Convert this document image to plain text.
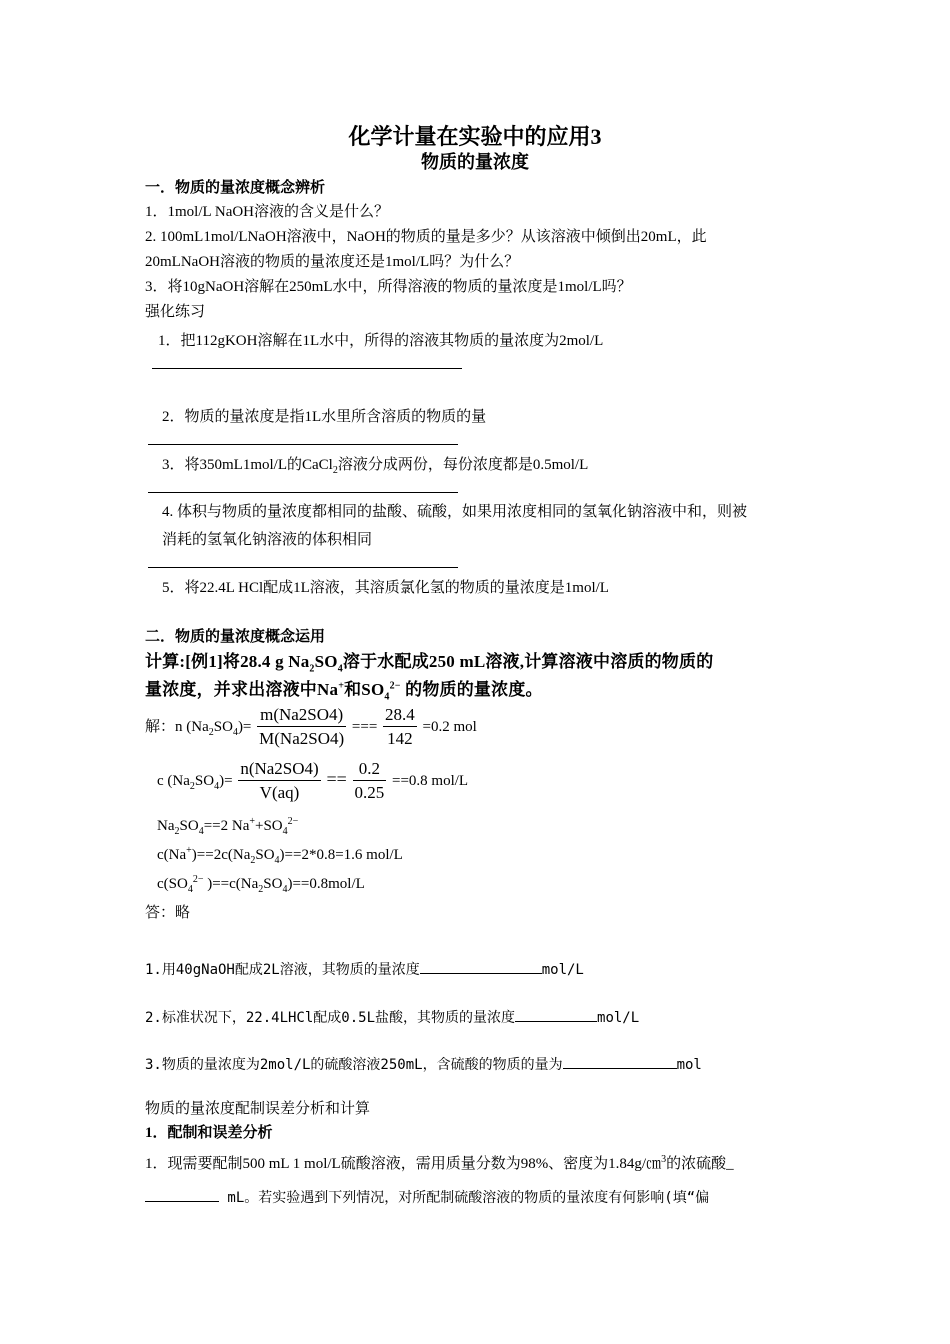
化学计量在实验中的应用3
物质的量浓度
一．物质的量浓度概念辨析
1．1mol/L NaOH溶液的含义是什么？
2. 100mL1mol/LNaOH溶液中，NaOH的物质的量是多少？从该溶液中倾倒出20mL，此
20mLNaOH溶液的物质的量浓度还是1mol/L吗？为什么？
3．将10gNaOH溶解在250mL水中，所得溶液的物质的量浓度是1mol/L吗？
强化练习
1．把112gKOH溶解在1L水中，所得的溶液其物质的量浓度为2mol/L
2．物质的量浓度是指1L水里所含溶质的物质的量
3．将350mL1mol/L的CaCl$_2$溶液分成两份，每份浓度都是0.5mol/L
4. 体积与物质的量浓度都相同的盐酸、硫酸，如果用浓度相同的氢氧化钠溶液中和，则被
消耗的氢氧化钠溶液的体积相同
5．将22.4L HCl配成1L溶液，其溶质氯化氢的物质的量浓度是1mol/L
二．物质的量浓度概念运用
计算:[例1]将28.4 g $Na_2SO_4$溶于水配成250 mL溶液,计算溶液中溶质的物质的
量浓度，并求出溶液中Na+和$SO_4^{2-}$ 的物质的量浓度。
解：n $(Na_2SO_4)= \frac{m(Na2SO4)}{M(Na2SO4)}$ === $\frac{28.4}{142} =0.2$ mol
c $(Na_2SO_4)= \frac{n(Na2SO4)}{V(aq)} == \frac{0.2}{0.25} ==0.8$ mol/L
$Na_2SO_4==2$ $Na^++SO_4^{2-}$
$c(Na^+)==2c(Na_2SO_4)==2*0.8=1.6$ mol/L
$c(SO_4^{2-}$ )$==c(Na_2SO_4)==0.8mol/L$
答：略
1.用40gNaOH配成2L溶液，其物质的量浓度	mol/L
2.标准状况下，22.4LHCl配成0.5L盐酸，其物质的量浓度	mol/L
3.物质的量浓度为2mol/L的硫酸溶液250mL，含硫酸的物质的量为	mol
物质的量浓度配制误差分析和计算
1．配制和误差分析
1．现需要配制500 mL 1 mol/L硫酸溶液，需用质量分数为98%、密度为1.84g/㎝$^3$的浓硫酸_
mL。若实验遇到下列情况，对所配制硫酸溶液的物质的量浓度有何影响(填“偏
